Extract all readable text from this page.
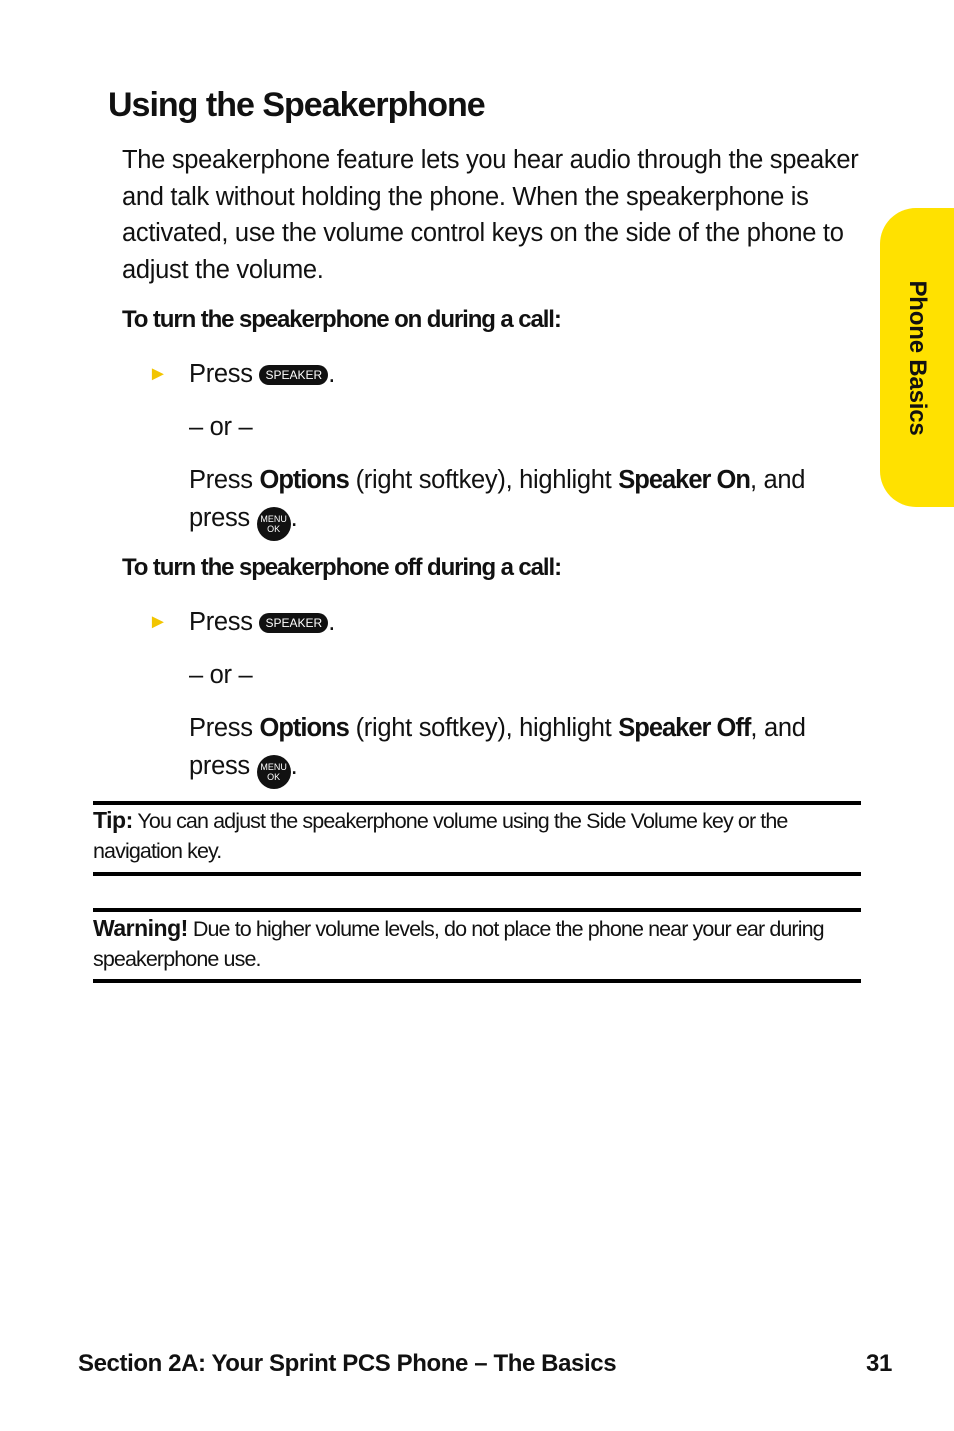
Phone Basics
Using the Speakerphone

The speakerphone feature lets you hear audio through the speaker and talk without holding the phone. When the speakerphone is activated, use the volume control keys on the side of the phone to adjust the volume.

To turn the speakerphone on during a call:

► Press SPEAKER .

– or –

Press Options (right softkey), highlight Speaker On, and

press	MENU
OK .

To turn the speakerphone off during a call:

► Press SPEAKER .

– or –

Press Options (right softkey), highlight Speaker Off, and

press	MENU
OK .

Tip: You can adjust the speakerphone volume using the Side Volume key or the navigation key.

Warning! Due to higher volume levels, do not place the phone near your ear during speakerphone use.

Section 2A: Your Sprint PCS Phone – The Basics	31
